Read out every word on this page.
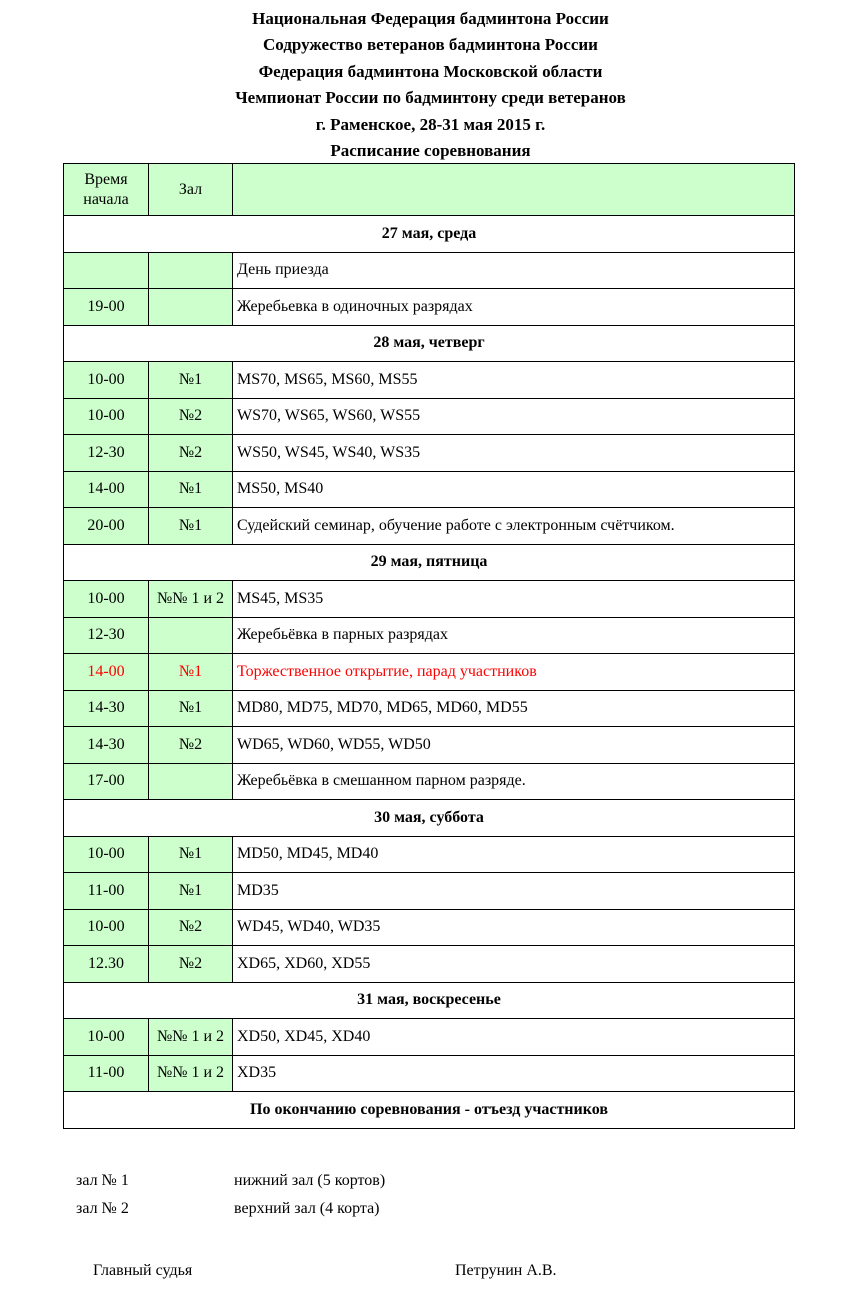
Национальная Федерация бадминтона России
Содружество ветеранов бадминтона России
Федерация бадминтона Московской области
Чемпионат России по бадминтону среди ветеранов
г. Раменское, 28-31 мая 2015 г.
Расписание соревнования
Время
начала	Зал	
27 мая, среда		
		День приезда
19-00		Жеребьевка в одиночных разрядах
28 мая, четверг		
10-00	№1	MS70, MS65, MS60, MS55
10-00	№2	WS70, WS65, WS60, WS55
12-30	№2	WS50, WS45, WS40, WS35
14-00	№1	MS50, MS40
20-00	№1	Судейский семинар, обучение работе с электронным счётчиком.
29 мая, пятница		
10-00	№№ 1 и 2	MS45, MS35
12-30		Жеребьёвка в парных разрядах
14-00	№1	Торжественное открытие, парад участников
14-30	№1	MD80, MD75, MD70, MD65, MD60, MD55
14-30	№2	WD65, WD60, WD55, WD50
17-00		Жеребьёвка в смешанном парном разряде.
30 мая, суббота		
10-00	№1	MD50, MD45, MD40
11-00	№1	MD35
10-00	№2	WD45, WD40, WD35
12.30	№2	XD65, XD60, XD55
31 мая, воскресенье		
10-00	№№ 1 и 2	XD50, XD45, XD40
11-00	№№ 1 и 2	XD35
По окончанию соревнования - отъезд участников		
зал № 1	нижний зал (5 кортов)
зал № 2	верхний зал (4 корта)
Главный судья	Петрунин А.В.
